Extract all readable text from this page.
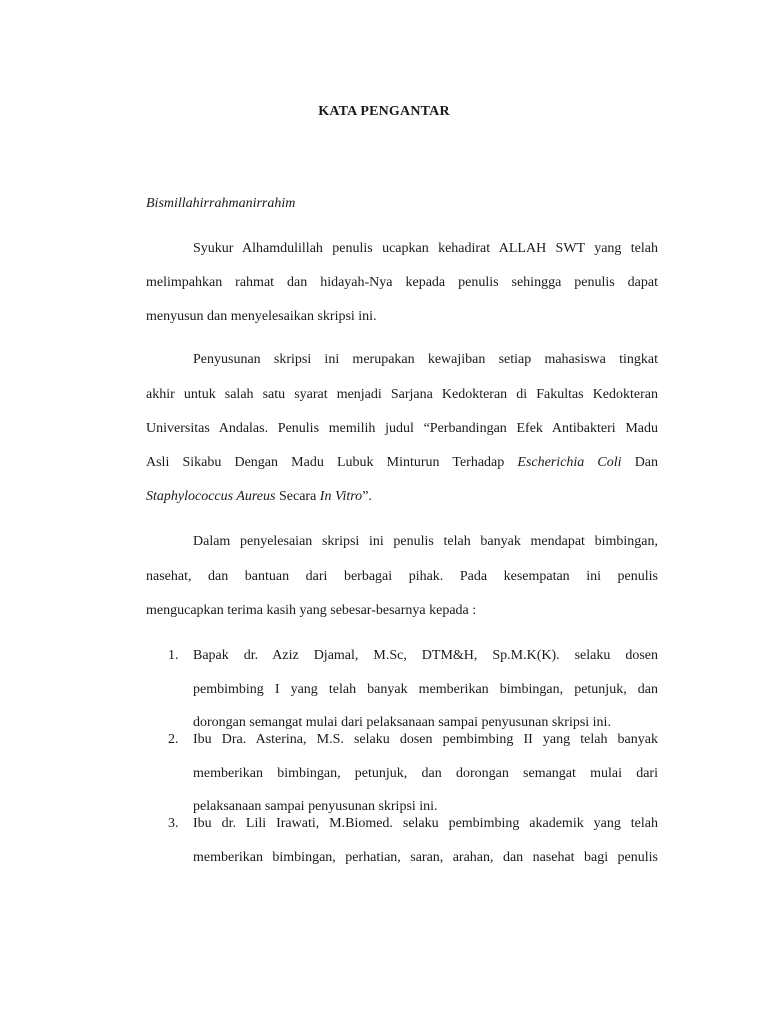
KATA PENGANTAR
Bismillahirrahmanirrahim
Syukur Alhamdulillah penulis ucapkan kehadirat ALLAH SWT yang telah
melimpahkan rahmat dan hidayah-Nya kepada penulis sehingga penulis dapat
menyusun dan menyelesaikan skripsi ini.
Penyusunan skripsi ini merupakan kewajiban setiap mahasiswa tingkat
akhir untuk salah satu syarat menjadi Sarjana Kedokteran di Fakultas Kedokteran
Universitas Andalas. Penulis memilih judul “Perbandingan Efek Antibakteri Madu
Asli Sikabu Dengan Madu Lubuk Minturun Terhadap Escherichia Coli Dan
Staphylococcus Aureus Secara In Vitro”.
Dalam penyelesaian skripsi ini penulis telah banyak mendapat bimbingan,
nasehat, dan bantuan dari berbagai pihak. Pada kesempatan ini penulis
mengucapkan terima kasih yang sebesar-besarnya kepada :
1. Bapak dr. Aziz Djamal, M.Sc, DTM&H, Sp.M.K(K). selaku dosen
pembimbing I yang telah banyak memberikan bimbingan, petunjuk, dan
dorongan semangat mulai dari pelaksanaan sampai penyusunan skripsi ini.
2. Ibu Dra. Asterina, M.S. selaku dosen pembimbing II yang telah banyak
memberikan bimbingan, petunjuk, dan dorongan semangat mulai dari
pelaksanaan sampai penyusunan skripsi ini.
3. Ibu dr. Lili Irawati, M.Biomed. selaku pembimbing akademik yang telah
memberikan bimbingan, perhatian, saran, arahan, dan nasehat bagi penulis
